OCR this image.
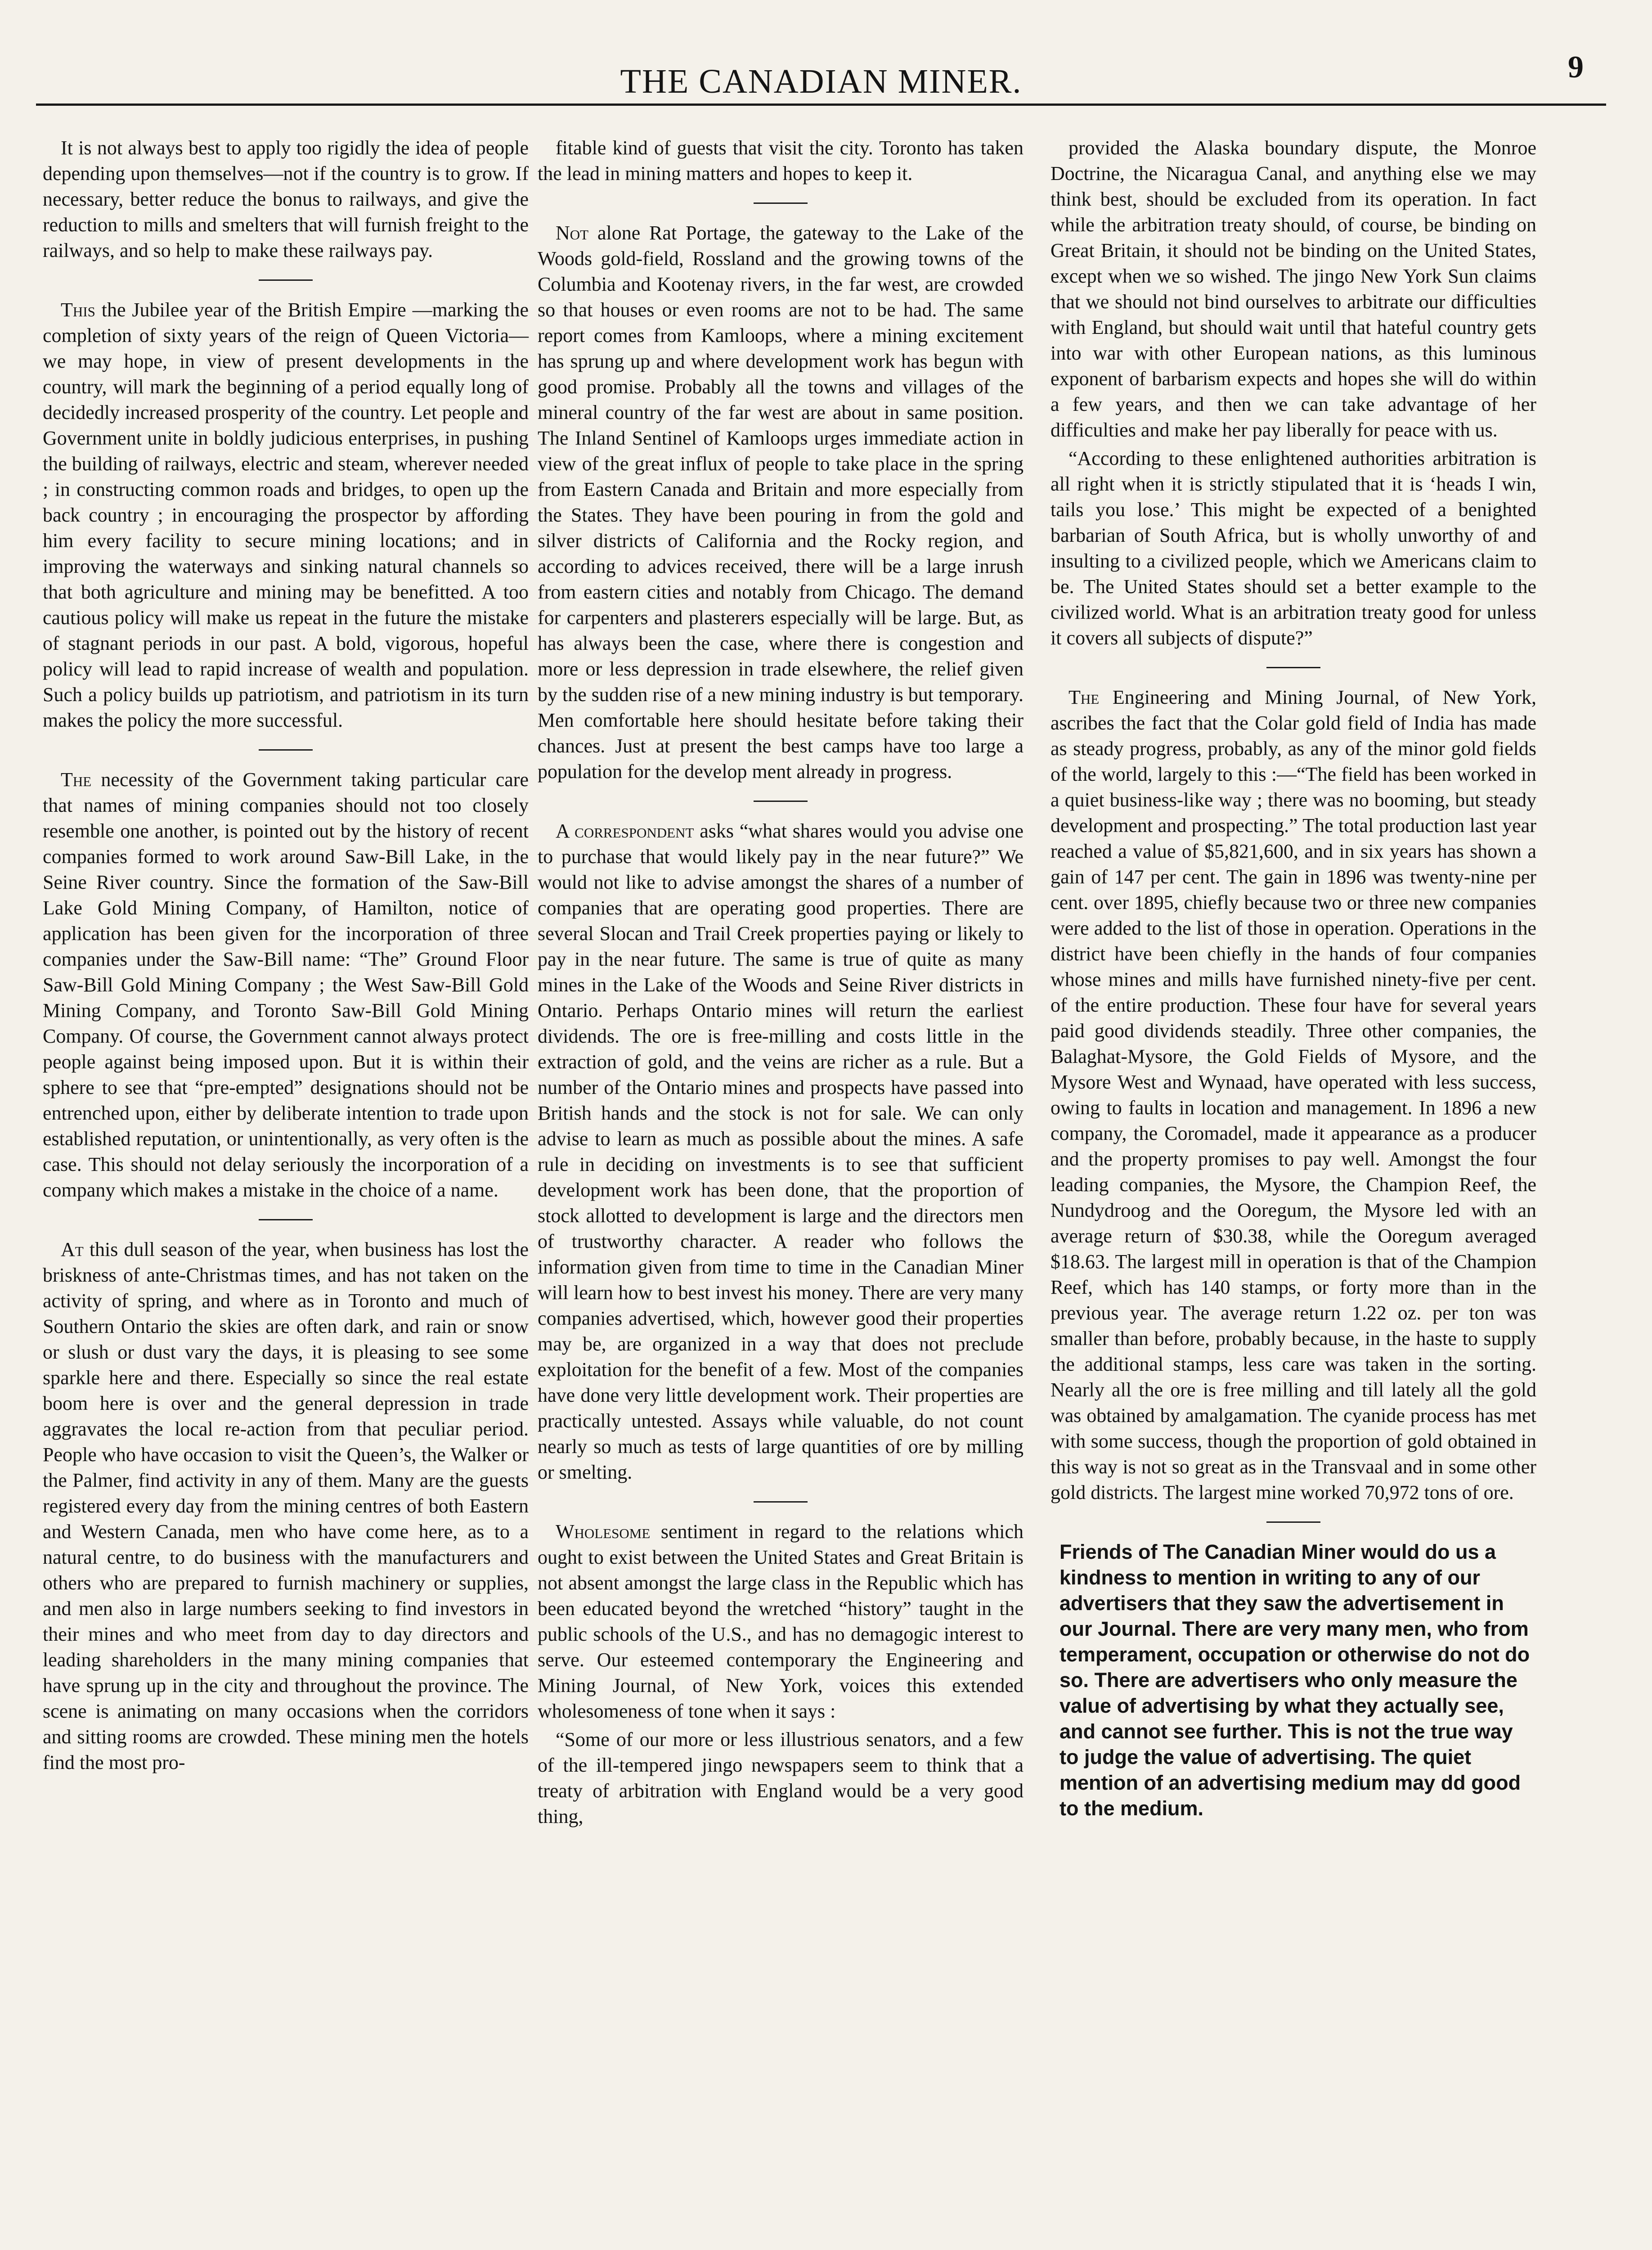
THE CANADIAN MINER.	9

It is not always best to apply too rigidly the idea of people depending upon themselves—not if the country is to grow. If necessary, better reduce the bonus to railways, and give the reduction to mills and smelters that will furnish freight to the railways, and so help to make these railways pay.

This the Jubilee year of the British Empire —marking the completion of sixty years of the reign of Queen Victoria—we may hope, in view of present developments in the country, will mark the beginning of a period equally long of decidedly increased prosperity of the country. Let people and Government unite in boldly judicious enterprises, in pushing the building of railways, electric and steam, wherever needed ; in constructing common roads and bridges, to open up the back country ; in encouraging the prospector by affording him every facility to secure mining locations; and in improving the waterways and sinking natural channels so that both agriculture and mining may be benefitted. A too cautious policy will make us repeat in the future the mistake of stagnant periods in our past. A bold, vigorous, hopeful policy will lead to rapid increase of wealth and population. Such a policy builds up patriotism, and patriotism in its turn makes the policy the more successful.

The necessity of the Government taking particular care that names of mining companies should not too closely resemble one another, is pointed out by the history of recent companies formed to work around Saw-Bill Lake, in the Seine River country. Since the formation of the Saw-Bill Lake Gold Mining Company, of Hamilton, notice of application has been given for the incorporation of three companies under the Saw-Bill name: “The” Ground Floor Saw-Bill Gold Mining Company ; the West Saw-Bill Gold Mining Company, and Toronto Saw-Bill Gold Mining Company. Of course, the Government cannot always protect people against being imposed upon. But it is within their sphere to see that “pre-empted” designations should not be entrenched upon, either by deliberate intention to trade upon established reputation, or unintentionally, as very often is the case. This should not delay seriously the incorporation of a company which makes a mistake in the choice of a name.

At this dull season of the year, when business has lost the briskness of ante-Christmas times, and has not taken on the activity of spring, and where as in Toronto and much of Southern Ontario the skies are often dark, and rain or snow or slush or dust vary the days, it is pleasing to see some sparkle here and there. Especially so since the real estate boom here is over and the general depression in trade aggravates the local re-action from that peculiar period. People who have occasion to visit the Queen’s, the Walker or the Palmer, find activity in any of them. Many are the guests registered every day from the mining centres of both Eastern and Western Canada, men who have come here, as to a natural centre, to do business with the manufacturers and others who are prepared to furnish machinery or supplies, and men also in large numbers seeking to find investors in their mines and who meet from day to day directors and leading shareholders in the many mining companies that have sprung up in the city and throughout the province. The scene is animating on many occasions when the corridors and sitting rooms are crowded. These mining men the hotels find the most pro-

fitable kind of guests that visit the city. Toronto has taken the lead in mining matters and hopes to keep it.

Not alone Rat Portage, the gateway to the Lake of the Woods gold-field, Rossland and the growing towns of the Columbia and Kootenay rivers, in the far west, are crowded so that houses or even rooms are not to be had. The same report comes from Kamloops, where a mining excitement has sprung up and where development work has begun with good promise. Probably all the towns and villages of the mineral country of the far west are about in same position. The Inland Sentinel of Kamloops urges immediate action in view of the great influx of people to take place in the spring from Eastern Canada and Britain and more especially from the States. They have been pouring in from the gold and silver districts of California and the Rocky region, and according to advices received, there will be a large inrush from eastern cities and notably from Chicago. The demand for carpenters and plasterers especially will be large. But, as has always been the case, where there is congestion and more or less depression in trade elsewhere, the relief given by the sudden rise of a new mining industry is but temporary. Men comfortable here should hesitate before taking their chances. Just at present the best camps have too large a population for the develop ment already in progress.

A correspondent asks “what shares would you advise one to purchase that would likely pay in the near future?” We would not like to advise amongst the shares of a number of companies that are operating good properties. There are several Slocan and Trail Creek properties paying or likely to pay in the near future. The same is true of quite as many mines in the Lake of the Woods and Seine River districts in Ontario. Perhaps Ontario mines will return the earliest dividends. The ore is free-milling and costs little in the extraction of gold, and the veins are richer as a rule. But a number of the Ontario mines and prospects have passed into British hands and the stock is not for sale. We can only advise to learn as much as possible about the mines. A safe rule in deciding on investments is to see that sufficient development work has been done, that the proportion of stock allotted to development is large and the directors men of trustworthy character. A reader who follows the information given from time to time in the Canadian Miner will learn how to best invest his money. There are very many companies advertised, which, however good their properties may be, are organized in a way that does not preclude exploitation for the benefit of a few. Most of the companies have done very little development work. Their properties are practically untested. Assays while valuable, do not count nearly so much as tests of large quantities of ore by milling or smelting.

Wholesome sentiment in regard to the relations which ought to exist between the United States and Great Britain is not absent amongst the large class in the Republic which has been educated beyond the wretched “history” taught in the public schools of the U.S., and has no demagogic interest to serve. Our esteemed contemporary the Engineering and Mining Journal, of New York, voices this extended wholesomeness of tone when it says :

“Some of our more or less illustrious senators, and a few of the ill-tempered jingo newspapers seem to think that a treaty of arbitration with England would be a very good thing,

provided the Alaska boundary dispute, the Monroe Doctrine, the Nicaragua Canal, and anything else we may think best, should be excluded from its operation. In fact while the arbitration treaty should, of course, be binding on Great Britain, it should not be binding on the United States, except when we so wished. The jingo New York Sun claims that we should not bind ourselves to arbitrate our difficulties with England, but should wait until that hateful country gets into war with other European nations, as this luminous exponent of barbarism expects and hopes she will do within a few years, and then we can take advantage of her difficulties and make her pay liberally for peace with us.

“According to these enlightened authorities arbitration is all right when it is strictly stipulated that it is ‘heads I win, tails you lose.’ This might be expected of a benighted barbarian of South Africa, but is wholly unworthy of and insulting to a civilized people, which we Americans claim to be. The United States should set a better example to the civilized world. What is an arbitration treaty good for unless it covers all subjects of dispute?”

The Engineering and Mining Journal, of New York, ascribes the fact that the Colar gold field of India has made as steady progress, probably, as any of the minor gold fields of the world, largely to this :—“The field has been worked in a quiet business-like way ; there was no booming, but steady development and prospecting.” The total production last year reached a value of $5,821,600, and in six years has shown a gain of 147 per cent. The gain in 1896 was twenty-nine per cent. over 1895, chiefly because two or three new companies were added to the list of those in operation. Operations in the district have been chiefly in the hands of four companies whose mines and mills have furnished ninety-five per cent. of the entire production. These four have for several years paid good dividends steadily. Three other companies, the Balaghat-Mysore, the Gold Fields of Mysore, and the Mysore West and Wynaad, have operated with less success, owing to faults in location and management. In 1896 a new company, the Coromadel, made it appearance as a producer and the property promises to pay well. Amongst the four leading companies, the Mysore, the Champion Reef, the Nundydroog and the Ooregum, the Mysore led with an average return of $30.38, while the Ooregum averaged $18.63. The largest mill in operation is that of the Champion Reef, which has 140 stamps, or forty more than in the previous year. The average return 1.22 oz. per ton was smaller than before, probably because, in the haste to supply the additional stamps, less care was taken in the sorting. Nearly all the ore is free milling and till lately all the gold was obtained by amalgamation. The cyanide process has met with some success, though the proportion of gold obtained in this way is not so great as in the Transvaal and in some other gold districts. The largest mine worked 70,972 tons of ore.

Friends of The Canadian Miner would do us a kindness to mention in writing to any of our advertisers that they saw the advertisement in our Journal. There are very many men, who from temperament, occupation or otherwise do not do so. There are advertisers who only measure the value of advertising by what they actually see, and cannot see further. This is not the true way to judge the value of advertising. The quiet mention of an advertising medium may dd good to the medium.
